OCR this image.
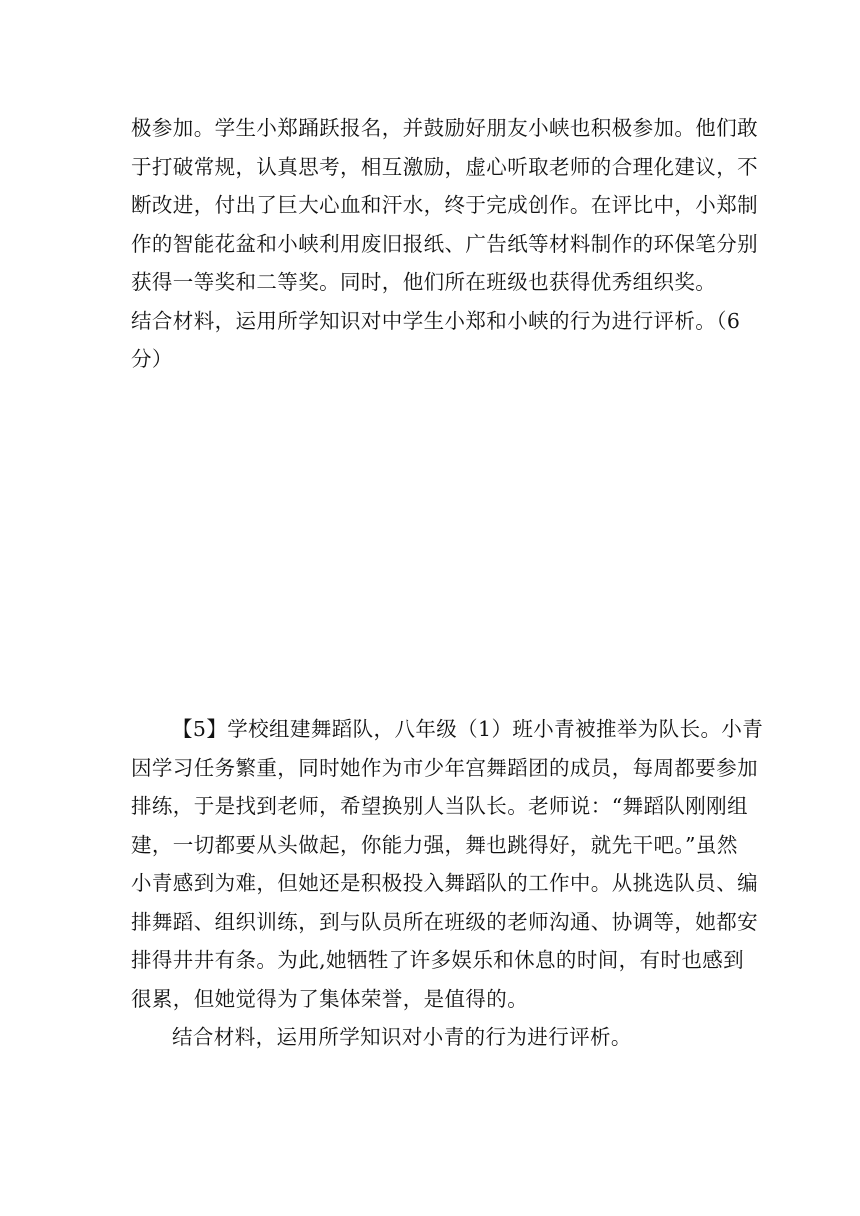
极参加。学生小郑踊跃报名，并鼓励好朋友小峡也积极参加。他们敢
于打破常规，认真思考，相互激励，虚心听取老师的合理化建议，不
断改进，付出了巨大心血和汗水，终于完成创作。在评比中，小郑制
作的智能花盆和小峡利用废旧报纸、广告纸等材料制作的环保笔分别
获得一等奖和二等奖。同时，他们所在班级也获得优秀组织奖。
结合材料，运用所学知识对中学生小郑和小峡的行为进行评析。（6
分）
【5】学校组建舞蹈队，八年级（1）班小青被推举为队长。小青
因学习任务繁重，同时她作为市少年宫舞蹈团的成员，每周都要参加
排练，于是找到老师，希望换别人当队长。老师说：“舞蹈队刚刚组
建，一切都要从头做起，你能力强，舞也跳得好，就先干吧。”虽然
小青感到为难，但她还是积极投入舞蹈队的工作中。从挑选队员、编
排舞蹈、组织训练，到与队员所在班级的老师沟通、协调等，她都安
排得井井有条。为此,她牺牲了许多娱乐和休息的时间，有时也感到
很累，但她觉得为了集体荣誉，是值得的。
结合材料，运用所学知识对小青的行为进行评析。
